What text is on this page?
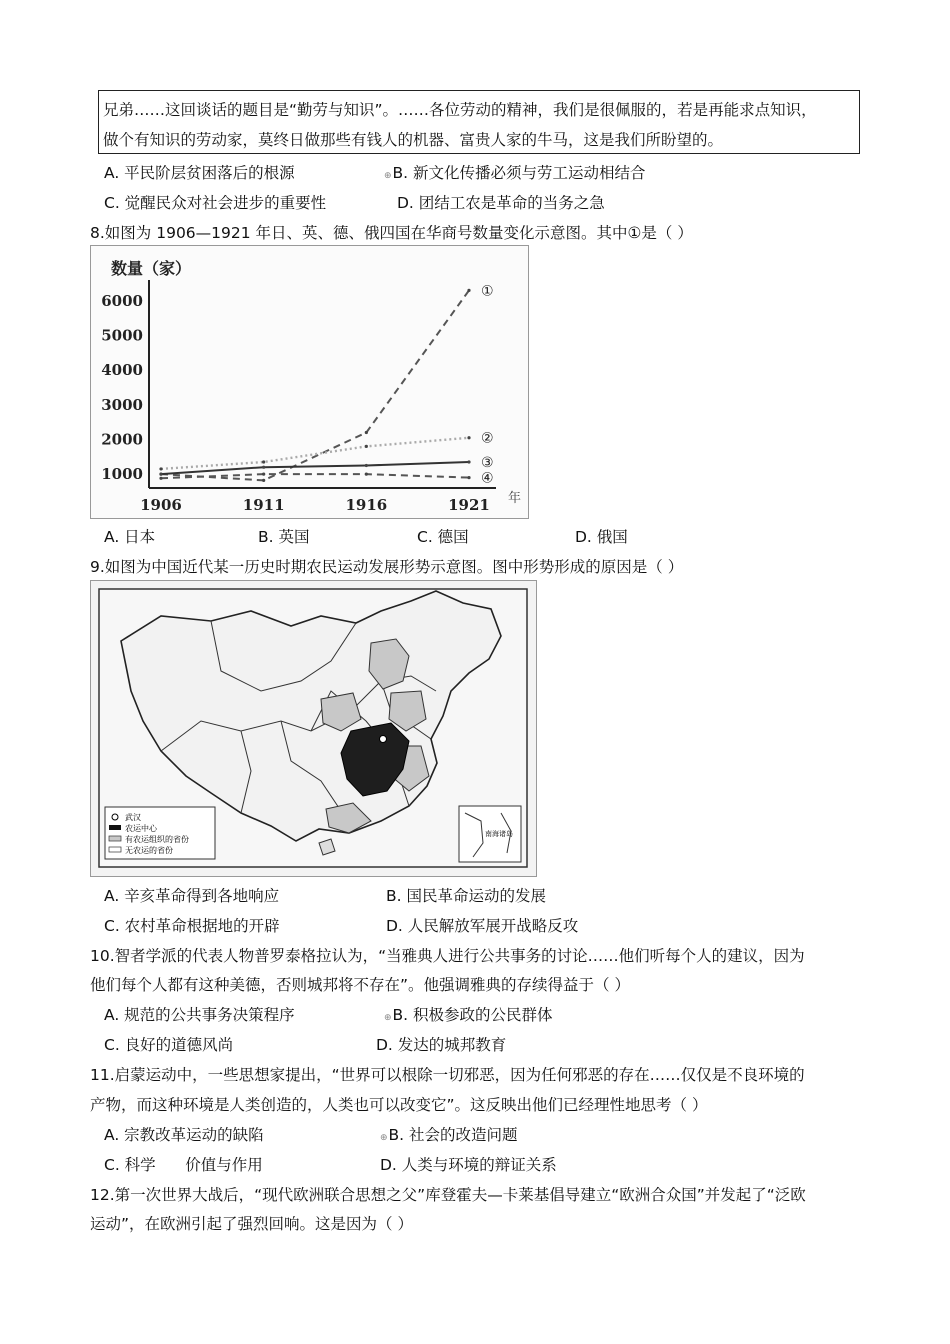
兄弟……这回谈话的题目是“勤劳与知识”。……各位劳动的精神，我们是很佩服的，若是再能求点知识，
做个有知识的劳动家，莫终日做那些有钱人的机器、富贵人家的牛马，这是我们所盼望的。
A. 平民阶层贫困落后的根源	⊕B. 新文化传播必须与劳工运动相结合
C. 觉醒民众对社会进步的重要性	D. 团结工农是革命的当务之急
8.如图为 1906—1921 年日、英、德、俄四国在华商号数量变化示意图。其中①是（ ）
数量（家）
1000
2000
3000
4000
5000
6000
1906	1911	1916	1921 年
①
②
③
④
A. 日本	B. 英国	C. 德国	D. 俄国
9.如图为中国近代某一历史时期农民运动发展形势示意图。图中形势形成的原因是（ ）
武汉
农运中心
有农运组织的省份
无农运的省份
南海诸岛
A. 辛亥革命得到各地响应	B. 国民革命运动的发展
C. 农村革命根据地的开辟	D. 人民解放军展开战略反攻
10.智者学派的代表人物普罗泰格拉认为，“当雅典人进行公共事务的讨论……他们听每个人的建议，因为
他们每个人都有这种美德，否则城邦将不存在”。他强调雅典的存续得益于（ ）
A. 规范的公共事务决策程序	⊕B. 积极参政的公民群体
C. 良好的道德风尚	D. 发达的城邦教育
11.启蒙运动中，一些思想家提出，“世界可以根除一切邪恶，因为任何邪恶的存在……仅仅是不良环境的
产物，而这种环境是人类创造的，人类也可以改变它”。这反映出他们已经理性地思考（ ）
A. 宗教改革运动的缺陷	⊕B. 社会的改造问题
C. 科学      价值与作用	D. 人类与环境的辩证关系
12.第一次世界大战后，“现代欧洲联合思想之父”库登霍夫—卡莱基倡导建立“欧洲合众国”并发起了“泛欧
运动”，在欧洲引起了强烈回响。这是因为（ ）
